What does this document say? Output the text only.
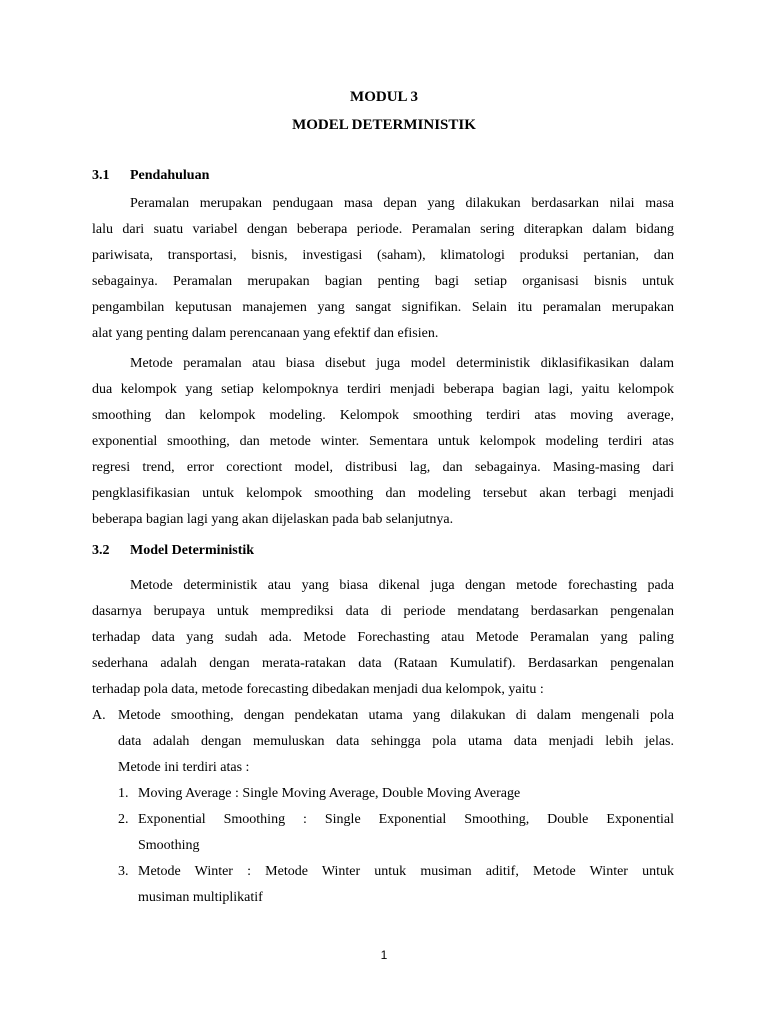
MODUL 3
MODEL DETERMINISTIK
3.1 Pendahuluan

Peramalan merupakan pendugaan masa depan yang dilakukan berdasarkan nilai masa
lalu dari suatu variabel dengan beberapa periode. Peramalan sering diterapkan dalam bidang
pariwisata, transportasi, bisnis, investigasi (saham), klimatologi produksi pertanian, dan
sebagainya. Peramalan merupakan bagian penting bagi setiap organisasi bisnis untuk
pengambilan keputusan manajemen yang sangat signifikan. Selain itu peramalan merupakan
alat yang penting dalam perencanaan yang efektif dan efisien.

Metode peramalan atau biasa disebut juga model deterministik diklasifikasikan dalam
dua kelompok yang setiap kelompoknya terdiri menjadi beberapa bagian lagi, yaitu kelompok
smoothing dan kelompok modeling. Kelompok smoothing terdiri atas moving average,
exponential smoothing, dan metode winter. Sementara untuk kelompok modeling terdiri atas
regresi trend, error corectiont model, distribusi lag, dan sebagainya. Masing-masing dari
pengklasifikasian untuk kelompok smoothing dan modeling tersebut akan terbagi menjadi
beberapa bagian lagi yang akan dijelaskan pada bab selanjutnya.

3.2 Model Deterministik

Metode deterministik atau yang biasa dikenal juga dengan metode forechasting pada
dasarnya berupaya untuk memprediksi data di periode mendatang berdasarkan pengenalan
terhadap data yang sudah ada. Metode Forechasting atau Metode Peramalan yang paling
sederhana adalah dengan merata-ratakan data (Rataan Kumulatif). Berdasarkan pengenalan
terhadap pola data, metode forecasting dibedakan menjadi dua kelompok, yaitu :

A. Metode smoothing, dengan pendekatan utama yang dilakukan di dalam mengenali pola
data adalah dengan memuluskan data sehingga pola utama data menjadi lebih jelas.
Metode ini terdiri atas :
1. Moving Average : Single Moving Average, Double Moving Average
2. Exponential Smoothing : Single Exponential Smoothing, Double Exponential
Smoothing
3. Metode Winter : Metode Winter untuk musiman aditif, Metode Winter untuk
musiman multiplikatif
1
